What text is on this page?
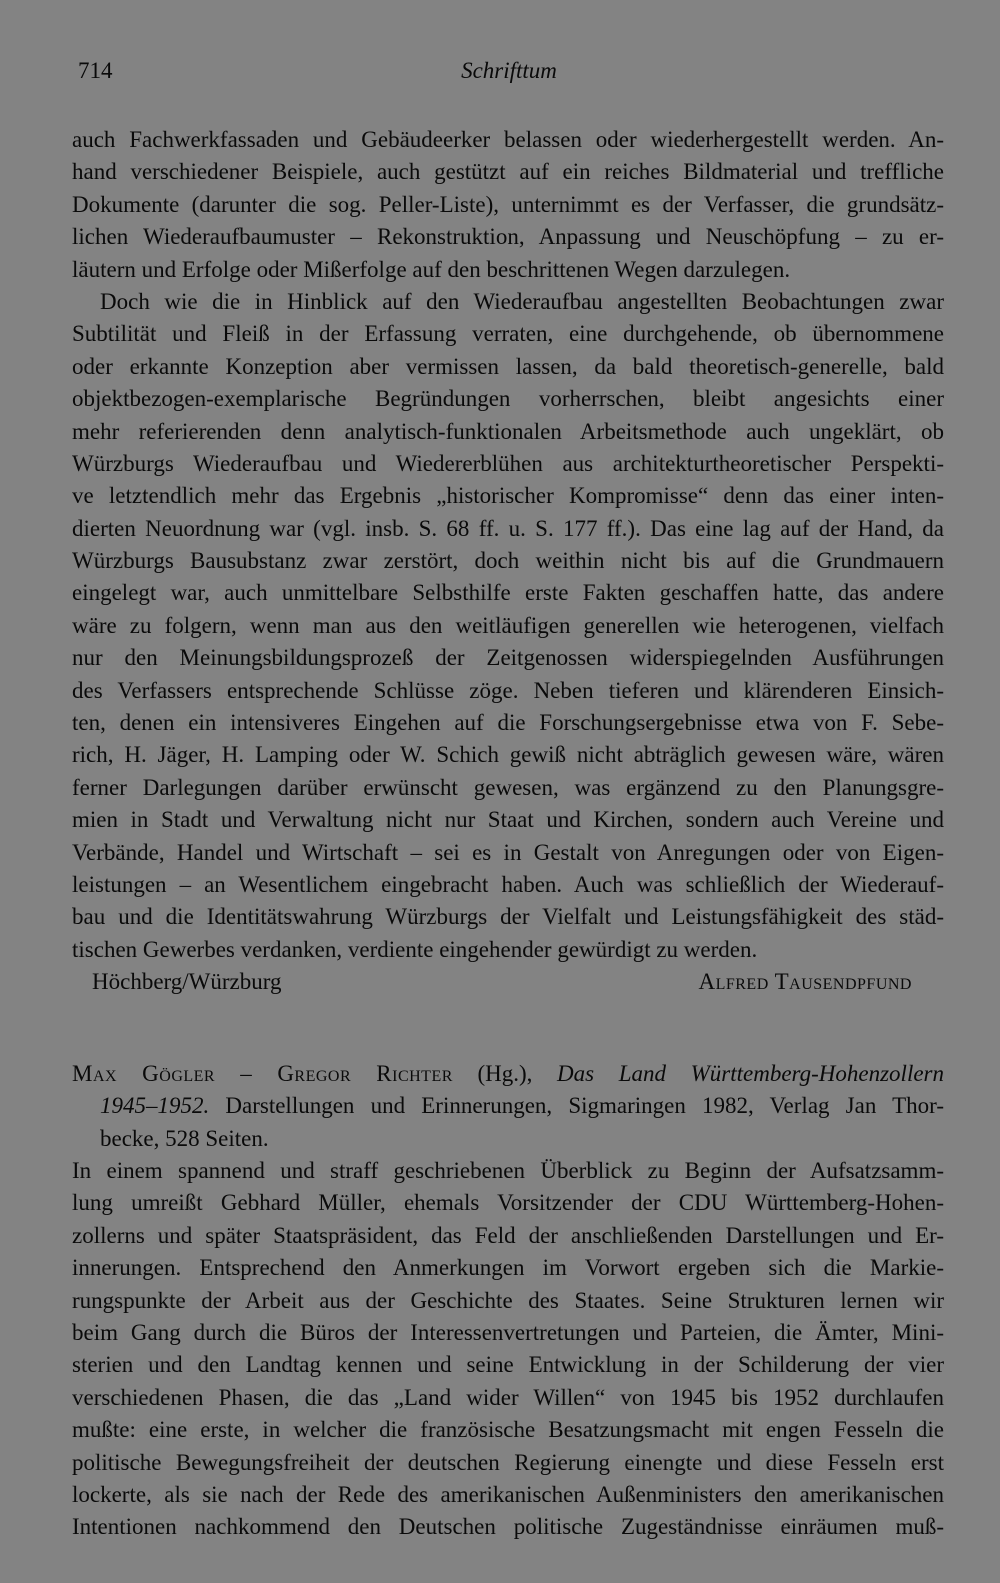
714	Schrifttum
auch Fachwerkfassaden und Gebäudeerker belassen oder wiederhergestellt werden. An-
hand verschiedener Beispiele, auch gestützt auf ein reiches Bildmaterial und treffliche
Dokumente (darunter die sog. Peller-Liste), unternimmt es der Verfasser, die grundsätz-
lichen Wiederaufbaumuster – Rekonstruktion, Anpassung und Neuschöpfung – zu er-
läutern und Erfolge oder Mißerfolge auf den beschrittenen Wegen darzulegen.
Doch wie die in Hinblick auf den Wiederaufbau angestellten Beobachtungen zwar
Subtilität und Fleiß in der Erfassung verraten, eine durchgehende, ob übernommene
oder erkannte Konzeption aber vermissen lassen, da bald theoretisch-generelle, bald
objektbezogen-exemplarische Begründungen vorherrschen, bleibt angesichts einer
mehr referierenden denn analytisch-funktionalen Arbeitsmethode auch ungeklärt, ob
Würzburgs Wiederaufbau und Wiedererblühen aus architekturtheoretischer Perspekti-
ve letztendlich mehr das Ergebnis „historischer Kompromisse“ denn das einer inten-
dierten Neuordnung war (vgl. insb. S. 68 ff. u. S. 177 ff.). Das eine lag auf der Hand, da
Würzburgs Bausubstanz zwar zerstört, doch weithin nicht bis auf die Grundmauern
eingelegt war, auch unmittelbare Selbsthilfe erste Fakten geschaffen hatte, das andere
wäre zu folgern, wenn man aus den weitläufigen generellen wie heterogenen, vielfach
nur den Meinungsbildungsprozeß der Zeitgenossen widerspiegelnden Ausführungen
des Verfassers entsprechende Schlüsse zöge. Neben tieferen und klärenderen Einsich-
ten, denen ein intensiveres Eingehen auf die Forschungsergebnisse etwa von F. Sebe-
rich, H. Jäger, H. Lamping oder W. Schich gewiß nicht abträglich gewesen wäre, wären
ferner Darlegungen darüber erwünscht gewesen, was ergänzend zu den Planungsgre-
mien in Stadt und Verwaltung nicht nur Staat und Kirchen, sondern auch Vereine und
Verbände, Handel und Wirtschaft – sei es in Gestalt von Anregungen oder von Eigen-
leistungen – an Wesentlichem eingebracht haben. Auch was schließlich der Wiederauf-
bau und die Identitätswahrung Würzburgs der Vielfalt und Leistungsfähigkeit des städ-
tischen Gewerbes verdanken, verdiente eingehender gewürdigt zu werden.
Höchberg/Würzburg	Alfred Tausendpfund
Max Gögler – Gregor Richter (Hg.), Das Land Württemberg-Hohenzollern
1945–1952. Darstellungen und Erinnerungen, Sigmaringen 1982, Verlag Jan Thor-
becke, 528 Seiten.
In einem spannend und straff geschriebenen Überblick zu Beginn der Aufsatzsamm-
lung umreißt Gebhard Müller, ehemals Vorsitzender der CDU Württemberg-Hohen-
zollerns und später Staatspräsident, das Feld der anschließenden Darstellungen und Er-
innerungen. Entsprechend den Anmerkungen im Vorwort ergeben sich die Markie-
rungspunkte der Arbeit aus der Geschichte des Staates. Seine Strukturen lernen wir
beim Gang durch die Büros der Interessenvertretungen und Parteien, die Ämter, Mini-
sterien und den Landtag kennen und seine Entwicklung in der Schilderung der vier
verschiedenen Phasen, die das „Land wider Willen“ von 1945 bis 1952 durchlaufen
mußte: eine erste, in welcher die französische Besatzungsmacht mit engen Fesseln die
politische Bewegungsfreiheit der deutschen Regierung einengte und diese Fesseln erst
lockerte, als sie nach der Rede des amerikanischen Außenministers den amerikanischen
Intentionen nachkommend den Deutschen politische Zugeständnisse einräumen muß-
